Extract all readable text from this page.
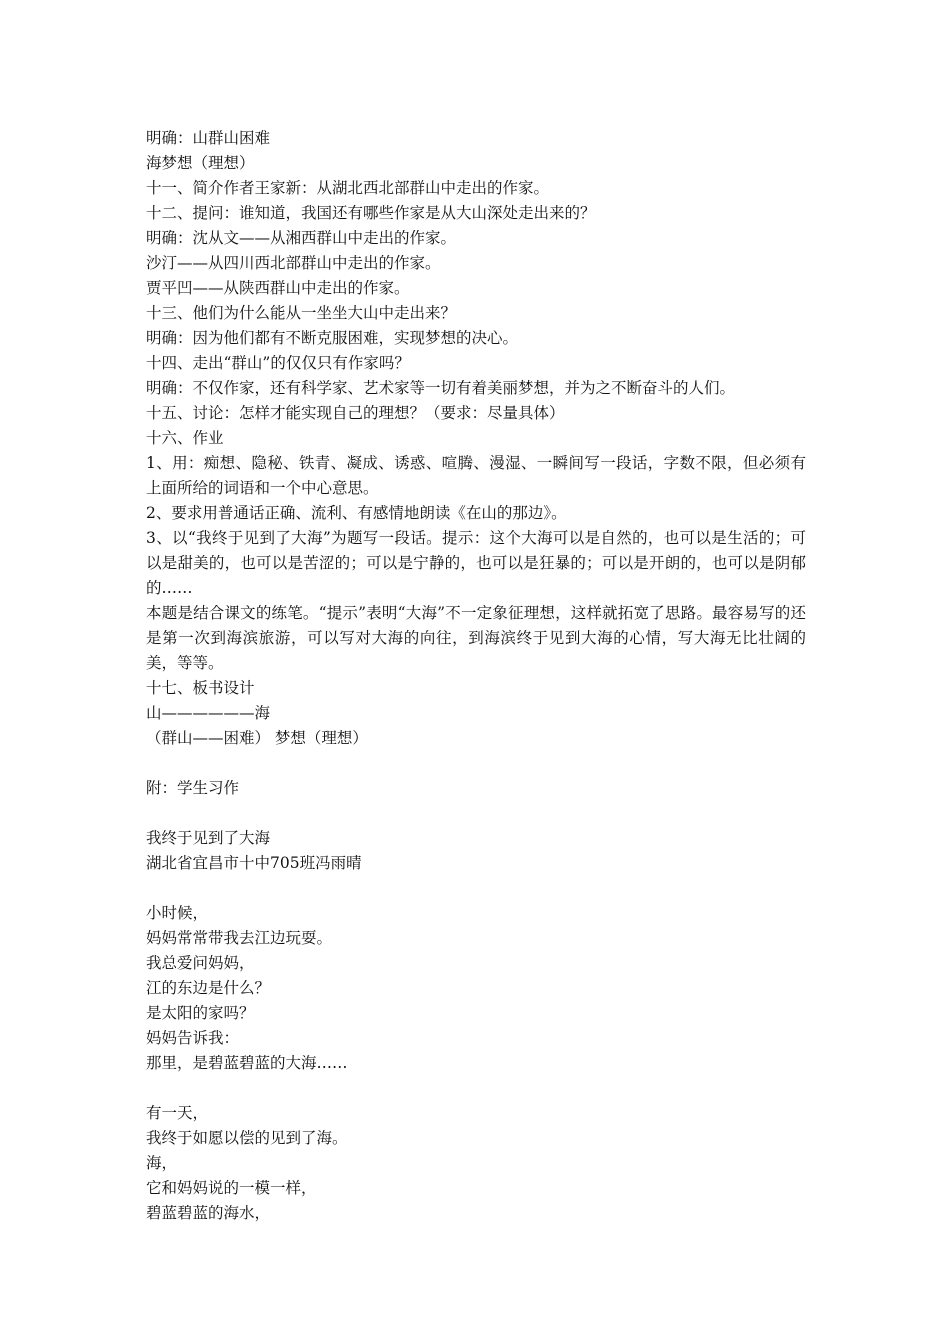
明确：山群山困难
海梦想（理想）
十一、简介作者王家新：从湖北西北部群山中走出的作家。
十二、提问：谁知道，我国还有哪些作家是从大山深处走出来的？
明确：沈从文——从湘西群山中走出的作家。
沙汀——从四川西北部群山中走出的作家。
贾平凹——从陕西群山中走出的作家。
十三、他们为什么能从一坐坐大山中走出来？
明确：因为他们都有不断克服困难，实现梦想的决心。
十四、走出“群山”的仅仅只有作家吗？
明确：不仅作家，还有科学家、艺术家等一切有着美丽梦想，并为之不断奋斗的人们。
十五、讨论：怎样才能实现自己的理想？（要求：尽量具体）
十六、作业
1、用：痴想、隐秘、铁青、凝成、诱惑、喧腾、漫湿、一瞬间写一段话，字数不限，但必须有上面所给的词语和一个中心意思。
2、要求用普通话正确、流利、有感情地朗读《在山的那边》。
3、以“我终于见到了大海”为题写一段话。提示：这个大海可以是自然的，也可以是生活的；可以是甜美的，也可以是苦涩的；可以是宁静的，也可以是狂暴的；可以是开朗的，也可以是阴郁的……
本题是结合课文的练笔。“提示”表明“大海”不一定象征理想，这样就拓宽了思路。最容易写的还是第一次到海滨旅游，可以写对大海的向往，到海滨终于见到大海的心情，写大海无比壮阔的美，等等。
十七、板书设计
山——————海
（群山——困难） 梦想（理想）
附：学生习作
我终于见到了大海
湖北省宜昌市十中705班冯雨晴
小时候，
妈妈常常带我去江边玩耍。
我总爱问妈妈，
江的东边是什么？
是太阳的家吗？
妈妈告诉我：
那里，是碧蓝碧蓝的大海……
有一天，
我终于如愿以偿的见到了海。
海，
它和妈妈说的一模一样，
碧蓝碧蓝的海水，
